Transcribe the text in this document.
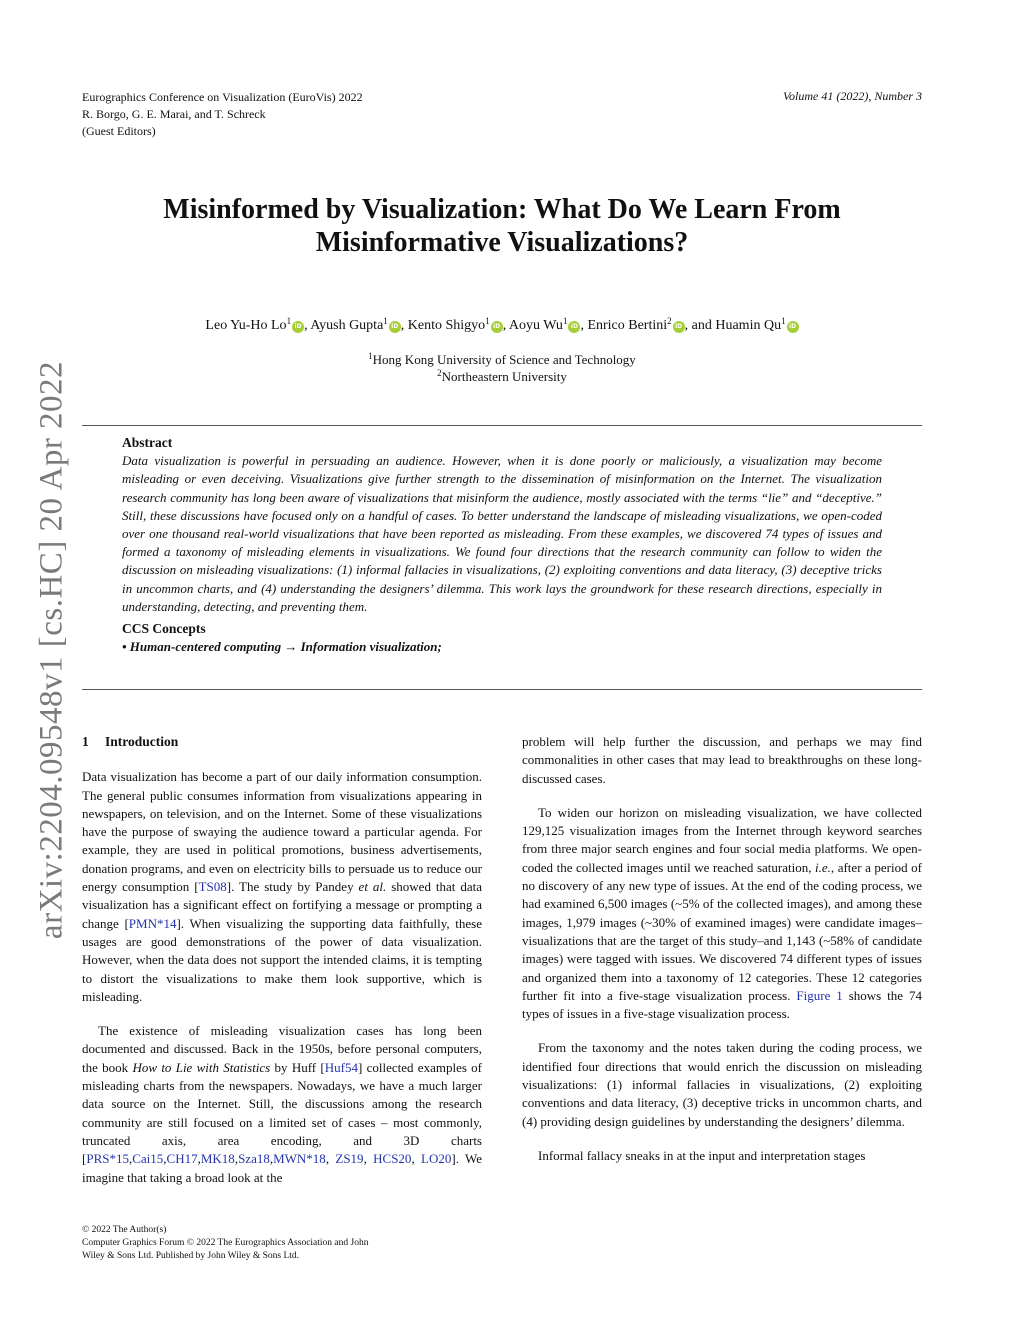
Eurographics Conference on Visualization (EuroVis) 2022
R. Borgo, G. E. Marai, and T. Schreck
(Guest Editors)
Volume 41 (2022), Number 3
arXiv:2204.09548v1 [cs.HC] 20 Apr 2022
Misinformed by Visualization: What Do We Learn From
Misinformative Visualizations?
Leo Yu-Ho Lo$^1$iD , Ayush Gupta$^1$iD , Kento Shigyo$^1$iD , Aoyu Wu$^1$iD , Enrico Bertini$^2$iD , and Huamin Qu$^1$iD
$^1$Hong Kong University of Science and Technology
$^2$Northeastern University
Abstract
Data visualization is powerful in persuading an audience. However, when it is done poorly or maliciously, a visualization may become misleading or even deceiving. Visualizations give further strength to the dissemination of misinformation on the Internet. The visualization research community has long been aware of visualizations that misinform the audience, mostly associated with the terms “lie” and “deceptive.” Still, these discussions have focused only on a handful of cases. To better understand the landscape of misleading visualizations, we open-coded over one thousand real-world visualizations that have been reported as misleading. From these examples, we discovered 74 types of issues and formed a taxonomy of misleading elements in visualizations. We found four directions that the research community can follow to widen the discussion on misleading visualizations: (1) informal fallacies in visualizations, (2) exploiting conventions and data literacy, (3) deceptive tricks in uncommon charts, and (4) understanding the designers’ dilemma. This work lays the groundwork for these research directions, especially in understanding, detecting, and preventing them.
CCS Concepts
• Human-centered computing → Information visualization;
1 Introduction

Data visualization has become a part of our daily information consumption. The general public consumes information from visualizations appearing in newspapers, on television, and on the Internet. Some of these visualizations have the purpose of swaying the audience toward a particular agenda. For example, they are used in political promotions, business advertisements, donation programs, and even on electricity bills to persuade us to reduce our energy consumption [TS08]. The study by Pandey et al. showed that data visualization has a significant effect on fortifying a message or prompting a change [PMN*14]. When visualizing the supporting data faithfully, these usages are good demonstrations of the power of data visualization. However, when the data does not support the intended claims, it is tempting to distort the visualizations to make them look supportive, which is misleading.

The existence of misleading visualization cases has long been documented and discussed. Back in the 1950s, before personal computers, the book How to Lie with Statistics by Huff [Huf54] collected examples of misleading charts from the newspapers. Nowadays, we have a much larger data source on the Internet. Still, the discussions among the research community are still focused on a limited set of cases – most commonly, truncated axis, area encoding, and 3D charts [PRS*15,Cai15,CH17,MK18,Sza18,MWN*18, ZS19, HCS20, LO20]. We imagine that taking a broad look at the

problem will help further the discussion, and perhaps we may find commonalities in other cases that may lead to breakthroughs on these long-discussed cases.

To widen our horizon on misleading visualization, we have collected 129,125 visualization images from the Internet through keyword searches from three major search engines and four social media platforms. We open-coded the collected images until we reached saturation, i.e., after a period of no discovery of any new type of issues. At the end of the coding process, we had examined 6,500 images (~5% of the collected images), and among these images, 1,979 images (~30% of examined images) were candidate images–visualizations that are the target of this study–and 1,143 (~58% of candidate images) were tagged with issues. We discovered 74 different types of issues and organized them into a taxonomy of 12 categories. These 12 categories further fit into a five-stage visualization process. Figure 1 shows the 74 types of issues in a five-stage visualization process.

From the taxonomy and the notes taken during the coding process, we identified four directions that would enrich the discussion on misleading visualizations: (1) informal fallacies in visualizations, (2) exploiting conventions and data literacy, (3) deceptive tricks in uncommon charts, and (4) providing design guidelines by understanding the designers’ dilemma.

Informal fallacy sneaks in at the input and interpretation stages

© 2022 The Author(s)
Computer Graphics Forum © 2022 The Eurographics Association and John
Wiley & Sons Ltd. Published by John Wiley & Sons Ltd.
